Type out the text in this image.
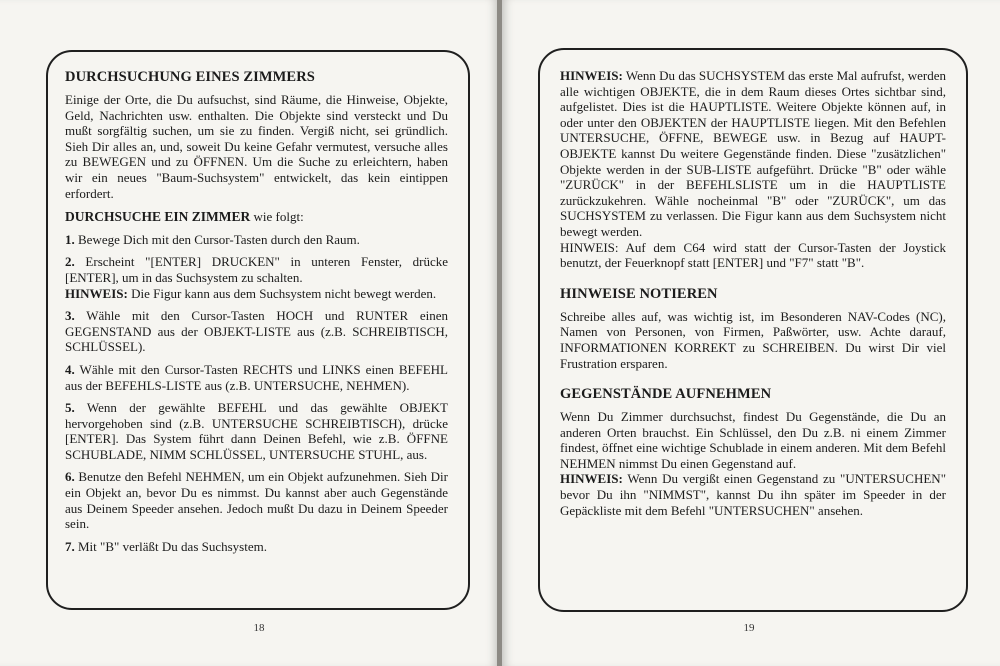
DURCHSUCHUNG EINES ZIMMERS

Einige der Orte, die Du aufsuchst, sind Räume, die Hinweise, Objekte, Geld, Nachrichten usw. enthalten. Die Objekte sind versteckt und Du mußt sorgfältig suchen, um sie zu finden. Vergiß nicht, sei gründlich. Sieh Dir alles an, und, soweit Du keine Gefahr vermutest, versuche alles zu BEWEGEN und zu ÖFFNEN. Um die Suche zu erleichtern, haben wir ein neues "Baum-Suchsystem" entwickelt, das kein eintippen erfordert.

DURCHSUCHE EIN ZIMMER wie folgt:

1. Bewege Dich mit den Cursor-Tasten durch den Raum.

2. Erscheint "[ENTER] DRUCKEN" in unteren Fenster, drücke [ENTER], um in das Suchsystem zu schalten.

HINWEIS: Die Figur kann aus dem Suchsystem nicht bewegt werden.

3. Wähle mit den Cursor-Tasten HOCH und RUNTER einen GEGENSTAND aus der OBJEKT-LISTE aus (z.B. SCHREIBTISCH, SCHLÜSSEL).

4. Wähle mit den Cursor-Tasten RECHTS und LINKS einen BEFEHL aus der BEFEHLS-LISTE aus (z.B. UNTERSUCHE, NEHMEN).

5. Wenn der gewählte BEFEHL und das gewählte OBJEKT hervorgehoben sind (z.B. UNTERSUCHE SCHREIBTISCH), drücke [ENTER]. Das System führt dann Deinen Befehl, wie z.B. ÖFFNE SCHUBLADE, NIMM SCHLÜSSEL, UNTERSUCHE STUHL, aus.

6. Benutze den Befehl NEHMEN, um ein Objekt aufzunehmen. Sieh Dir ein Objekt an, bevor Du es nimmst. Du kannst aber auch Gegenstände aus Deinem Speeder ansehen. Jedoch mußt Du dazu in Deinem Speeder sein.

7. Mit "B" verläßt Du das Suchsystem.

18

HINWEIS: Wenn Du das SUCHSYSTEM das erste Mal aufrufst, werden alle wichtigen OBJEKTE, die in dem Raum dieses Ortes sichtbar sind, aufgelistet. Dies ist die HAUPTLISTE. Weitere Objekte können auf, in oder unter den OBJEKTEN der HAUPTLISTE liegen. Mit den Befehlen UNTERSUCHE, ÖFFNE, BEWEGE usw. in Bezug auf HAUPT-OBJEKTE kannst Du weitere Gegenstände finden. Diese "zusätzlichen" Objekte werden in der SUB-LISTE aufgeführt. Drücke "B" oder wähle "ZURÜCK" in der BEFEHLSLISTE um in die HAUPTLISTE zurückzukehren. Wähle nocheinmal "B" oder "ZURÜCK", um das SUCHSYSTEM zu verlassen. Die Figur kann aus dem Suchsystem nicht bewegt werden.

HINWEIS: Auf dem C64 wird statt der Cursor-Tasten der Joystick benutzt, der Feuerknopf statt [ENTER] und "F7" statt "B".

HINWEISE NOTIEREN

Schreibe alles auf, was wichtig ist, im Besonderen NAV-Codes (NC), Namen von Personen, von Firmen, Paßwörter, usw. Achte darauf, INFORMATIONEN KORREKT zu SCHREIBEN. Du wirst Dir viel Frustration ersparen.

GEGENSTÄNDE AUFNEHMEN

Wenn Du Zimmer durchsuchst, findest Du Gegenstände, die Du an anderen Orten brauchst. Ein Schlüssel, den Du z.B. ni einem Zimmer findest, öffnet eine wichtige Schublade in einem anderen. Mit dem Befehl NEHMEN nimmst Du einen Gegenstand auf.

HINWEIS: Wenn Du vergißt einen Gegenstand zu "UNTERSUCHEN" bevor Du ihn "NIMMST", kannst Du ihn später im Speeder in der Gepäckliste mit dem Befehl "UNTERSUCHEN" ansehen.

19
